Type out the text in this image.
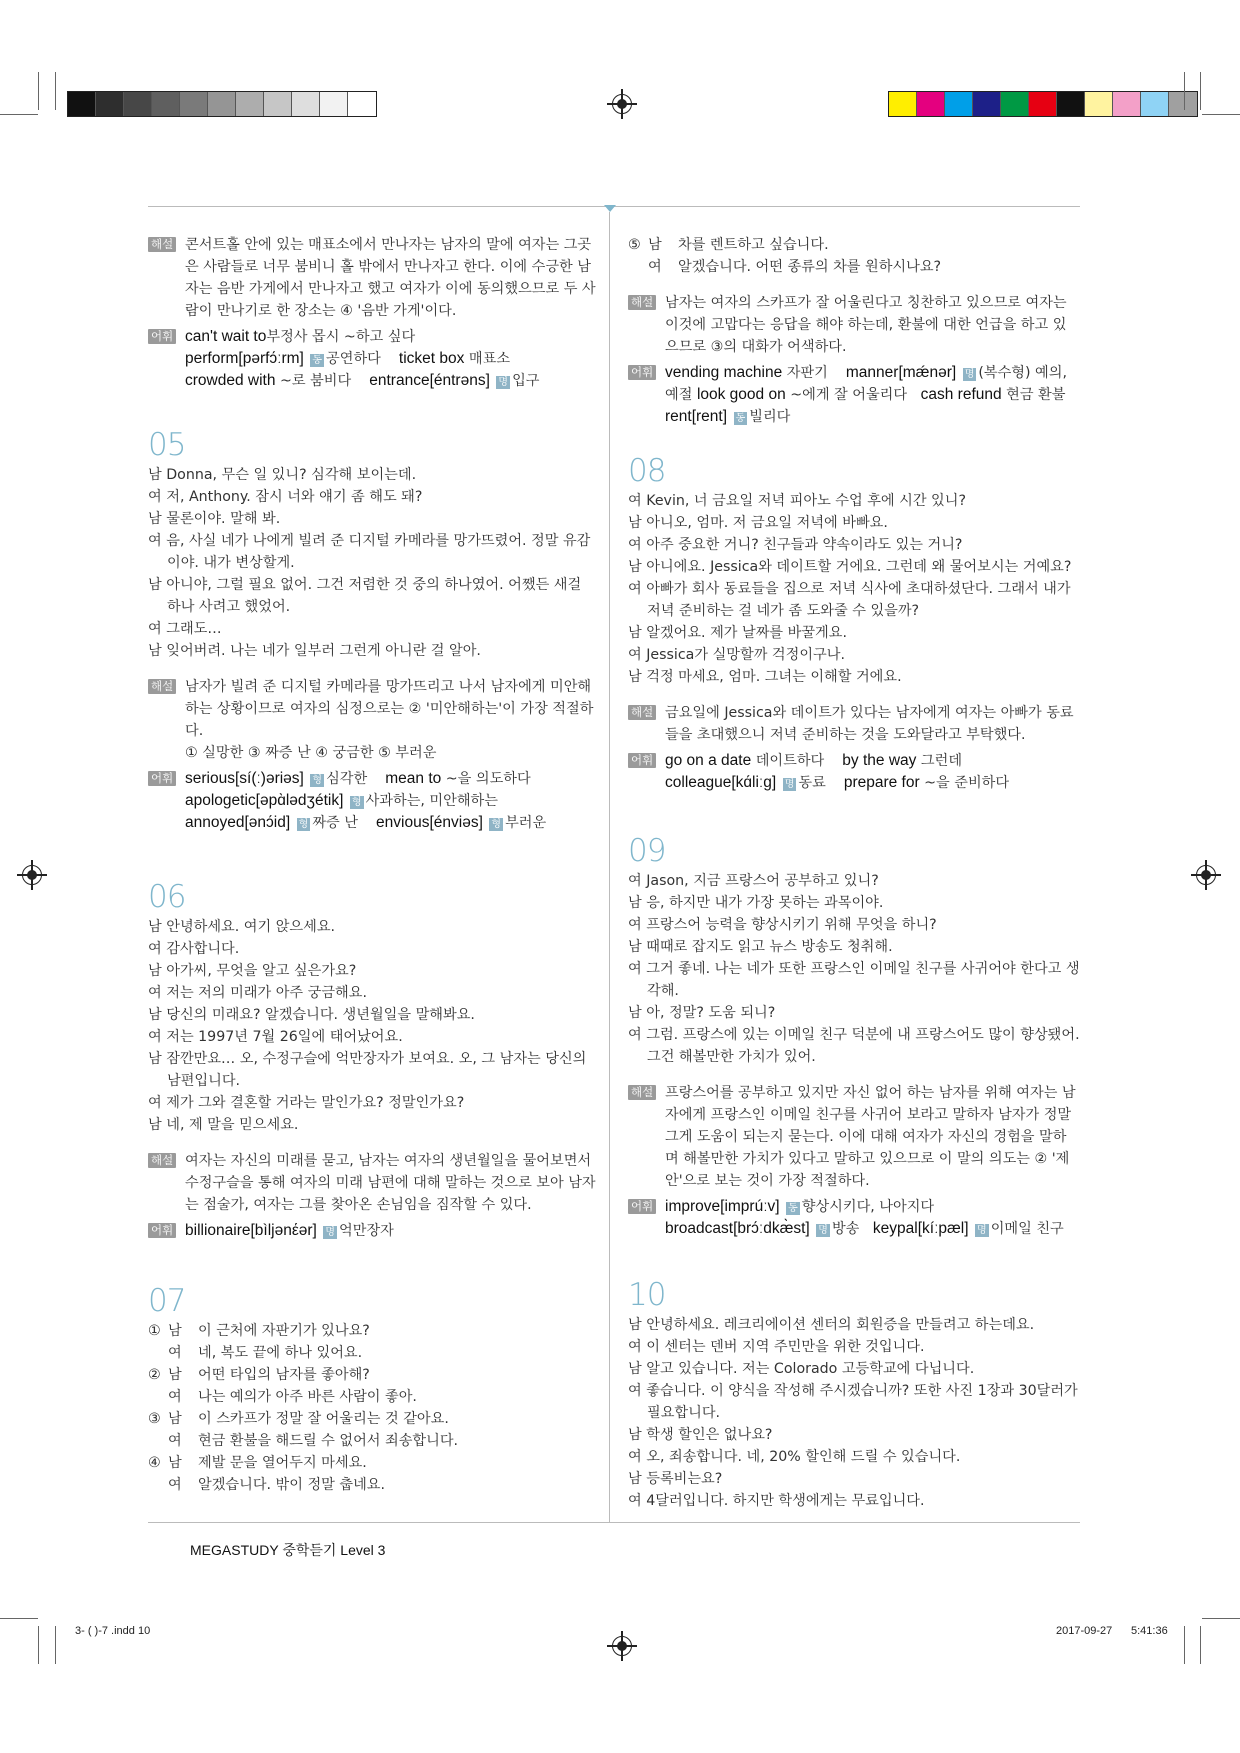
해설 콘서트홀 안에 있는 매표소에서 만나자는 남자의 말에 여자는 그곳은 사람들로 너무 붐비니 홀 밖에서 만나자고 한다. 이에 수긍한 남자는 음반 가게에서 만나자고 했고 여자가 이에 동의했으므로 두 사람이 만나기로 한 장소는 ④ '음반 가게'이다.

어휘 can't wait to부정사 몹시 ~하고 싶다

perform[pərfɔ́ːrm] 동 공연하다 ticket box 매표소

crowded with ~로 붐비다 entrance[éntrəns] 명 입구

05

남 Donna, 무슨 일 있니? 심각해 보이는데.

여 저, Anthony. 잠시 너와 얘기 좀 해도 돼?

남 물론이야. 말해 봐.

여 음, 사실 네가 나에게 빌려 준 디지털 카메라를 망가뜨렸어. 정말 유감이야. 내가 변상할게.

남 아니야, 그럴 필요 없어. 그건 저렴한 것 중의 하나였어. 어쨌든 새걸 하나 사려고 했었어.

여 그래도…

남 잊어버려. 나는 네가 일부러 그런게 아니란 걸 알아.

해설 남자가 빌려 준 디지털 카메라를 망가뜨리고 나서 남자에게 미안해하는 상황이므로 여자의 심정으로는 ② '미안해하는'이 가장 적절하다.

① 실망한 ③ 짜증 난 ④ 궁금한 ⑤ 부러운

어휘 serious[sí(ː)əriəs] 형 심각한 mean to ~을 의도하다

apologetic[əpɑ̀lədʒétik] 형 사과하는, 미안해하는

annoyed[ənɔ́id] 형 짜증 난 envious[énviəs] 형 부러운

06

남 안녕하세요. 여기 앉으세요.

여 감사합니다.

남 아가씨, 무엇을 알고 싶은가요?

여 저는 저의 미래가 아주 궁금해요.

남 당신의 미래요? 알겠습니다. 생년월일을 말해봐요.

여 저는 1997년 7월 26일에 태어났어요.

남 잠깐만요… 오, 수정구슬에 억만장자가 보여요. 오, 그 남자는 당신의 남편입니다.

여 제가 그와 결혼할 거라는 말인가요? 정말인가요?

남 네, 제 말을 믿으세요.

해설 여자는 자신의 미래를 묻고, 남자는 여자의 생년월일을 물어보면서 수정구슬을 통해 여자의 미래 남편에 대해 말하는 것으로 보아 남자는 점술가, 여자는 그를 찾아온 손님임을 짐작할 수 있다.

어휘 billionaire[bìljənέər] 명 억만장자

07
① 남 이 근처에 자판기가 있나요?

여 네, 복도 끝에 하나 있어요.

② 남 어떤 타입의 남자를 좋아해?

여 나는 예의가 아주 바른 사람이 좋아.

③ 남 이 스카프가 정말 잘 어울리는 것 같아요.

여 현금 환불을 해드릴 수 없어서 죄송합니다.

④ 남 제발 문을 열어두지 마세요.

여 알겠습니다. 밖이 정말 춥네요.

⑤ 남 차를 렌트하고 싶습니다.

여 알겠습니다. 어떤 종류의 차를 원하시나요?

해설 남자는 여자의 스카프가 잘 어울린다고 칭찬하고 있으므로 여자는 이것에 고맙다는 응답을 해야 하는데, 환불에 대한 언급을 하고 있으므로 ③의 대화가 어색하다.

어휘 vending machine 자판기 manner[mǽnər] 명 (복수형) 예의, 예절 look good on ~에게 잘 어울리다 cash refund 현금 환불

rent[rent] 동 빌리다

08

여 Kevin, 너 금요일 저녁 피아노 수업 후에 시간 있니?

남 아니오, 엄마. 저 금요일 저녁에 바빠요.

여 아주 중요한 거니? 친구들과 약속이라도 있는 거니?

남 아니에요. Jessica와 데이트할 거에요. 그런데 왜 물어보시는 거예요?

여 아빠가 회사 동료들을 집으로 저녁 식사에 초대하셨단다. 그래서 내가 저녁 준비하는 걸 네가 좀 도와줄 수 있을까?

남 알겠어요. 제가 날짜를 바꿀게요.

여 Jessica가 실망할까 걱정이구나.

남 걱정 마세요, 엄마. 그녀는 이해할 거에요.

해설 금요일에 Jessica와 데이트가 있다는 남자에게 여자는 아빠가 동료들을 초대했으니 저녁 준비하는 것을 도와달라고 부탁했다.

어휘 go on a date 데이트하다 by the way 그런데

colleague[kɑ́liːg] 명 동료 prepare for ~을 준비하다

09

여 Jason, 지금 프랑스어 공부하고 있니?

남 응, 하지만 내가 가장 못하는 과목이야.

여 프랑스어 능력을 향상시키기 위해 무엇을 하니?

남 때때로 잡지도 읽고 뉴스 방송도 청취해.

여 그거 좋네. 나는 네가 또한 프랑스인 이메일 친구를 사귀어야 한다고 생각해.

남 아, 정말? 도움 되니?

여 그럼. 프랑스에 있는 이메일 친구 덕분에 내 프랑스어도 많이 향상됐어. 그건 해볼만한 가치가 있어.

해설 프랑스어를 공부하고 있지만 자신 없어 하는 남자를 위해 여자는 남자에게 프랑스인 이메일 친구를 사귀어 보라고 말하자 남자가 정말 그게 도움이 되는지 묻는다. 이에 대해 여자가 자신의 경험을 말하며 해볼만한 가치가 있다고 말하고 있으므로 이 말의 의도는 ② '제안'으로 보는 것이 가장 적절하다.

어휘 improve[imprúːv] 동 향상시키다, 나아지다

broadcast[brɔ́ːdkæ̀st] 명 방송 keypal[kíːpæl] 명 이메일 친구

10

남 안녕하세요. 레크리에이션 센터의 회원증을 만들려고 하는데요.

여 이 센터는 덴버 지역 주민만을 위한 것입니다.

남 알고 있습니다. 저는 Colorado 고등학교에 다닙니다.

여 좋습니다. 이 양식을 작성해 주시겠습니까? 또한 사진 1장과 30달러가 필요합니다.

남 학생 할인은 없나요?

여 오, 죄송합니다. 네, 20% 할인해 드릴 수 있습니다.

남 등록비는요?

여 4달러입니다. 하지만 학생에게는 무료입니다.

MEGASTUDY 중학듣기 Level 3
3- ( )-7 .indd 10	2017-09-27 5:41:36
